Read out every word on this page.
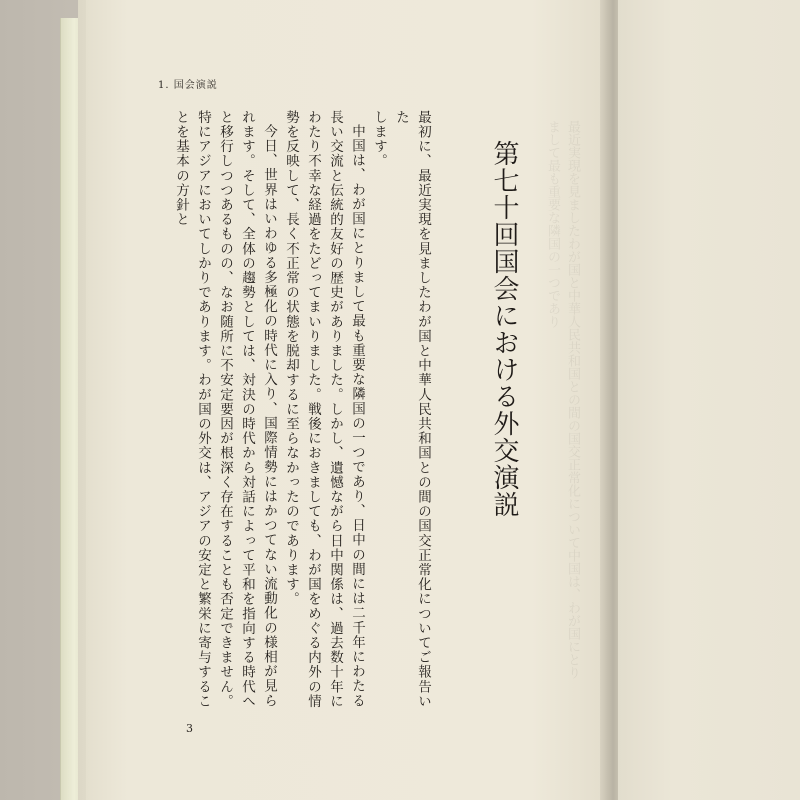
最近実現を見ましたわが国と中華人民共和国との間の国交正常化について中国は、わが国にとりまして最も重要な隣国の一つであり
1. 国会演説
第七十回国会における外交演説

最初に、最近実現を見ましたわが国と中華人民共和国との間の国交正常化についてご報告いた

します。

中国は、わが国にとりまして最も重要な隣国の一つであり、日中の間には二千年にわたる長い交流と伝統的友好の歴史がありました。しかし、遺憾ながら日中関係は、過去数十年にわたり不幸な経過をたどってまいりました。戦後におきましても、わが国をめぐる内外の情勢を反映して、長く不正常の状態を脱却するに至らなかったのであります。

今日、世界はいわゆる多極化の時代に入り、国際情勢にはかつてない流動化の様相が見られます。そして、全体の趨勢としては、対決の時代から対話によって平和を指向する時代へと移行しつつあるものの、なお随所に不安定要因が根深く存在することも否定できません。特にアジアにおいてしかりであります。わが国の外交は、アジアの安定と繁栄に寄与することを基本の方針と

3
